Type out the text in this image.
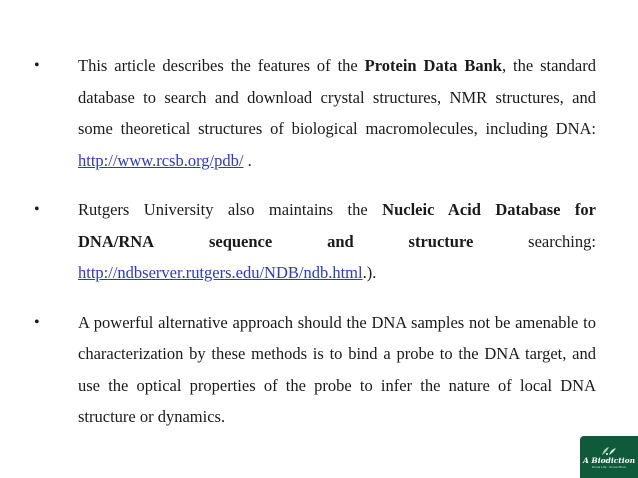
•	This article describes the features of the Protein Data Bank, the standard database to search and download crystal structures, NMR structures, and some theoretical structures of biological macromolecules, including DNA: http://www.rcsb.org/pdb/ .
•	Rutgers University also maintains the Nucleic Acid Database for
DNA/RNA	sequence	and	structure	searching:
http://ndbserver.rutgers.edu/NDB/ndb.html.).
•	A powerful alternative approach should the DNA samples not be amenable to characterization by these methods is to bind a probe to the DNA target, and use the optical properties of the probe to infer the nature of local DNA structure or dynamics.
A Biodiction
Know Life · Know More
